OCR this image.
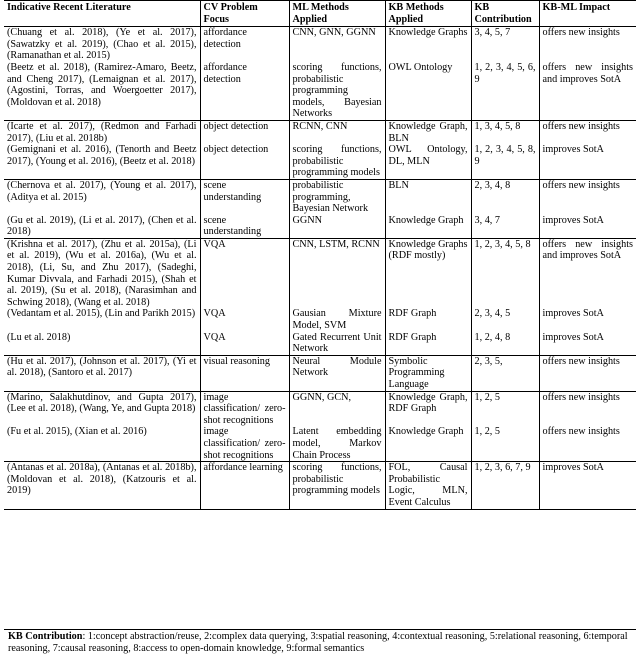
Indicative Recent Literature	CV Problem Focus	ML Methods Applied	KB Methods Applied	KB Contribution	KB-ML Impact
(Chuang et al. 2018), (Ye et al. 2017), (Sawatzky et al. 2019), (Chao et al. 2015), (Ramanathan et al. 2015)	affordance detection	CNN, GNN, GGNN	Knowledge Graphs	3, 4, 5, 7	offers new insights
(Beetz et al. 2018), (Ramirez-Amaro, Beetz, and Cheng 2017), (Lemaignan et al. 2017), (Agostini, Torras, and Woergoetter 2017), (Moldovan et al. 2018)	affordance detection	scoring functions, probabilistic programming models, Bayesian Networks	OWL Ontology	1, 2, 3, 4, 5, 6, 9	offers new insights and improves SotA
(Icarte et al. 2017), (Redmon and Farhadi 2017), (Liu et al. 2018b)	object detection	RCNN, CNN	Knowledge Graph, BLN	1, 3, 4, 5, 8	offers new insights
(Gemignani et al. 2016), (Tenorth and Beetz 2017), (Young et al. 2016), (Beetz et al. 2018)	object detection	scoring functions, probabilistic programming models	OWL Ontology, DL, MLN	1, 2, 3, 4, 5, 8, 9	improves SotA
(Chernova et al. 2017), (Young et al. 2017), (Aditya et al. 2015)	scene understanding	probabilistic programming, Bayesian Network	BLN	2, 3, 4, 8	offers new insights
(Gu et al. 2019), (Li et al. 2017), (Chen et al. 2018)	scene understanding	GGNN	Knowledge Graph	3, 4, 7	improves SotA
(Krishna et al. 2017), (Zhu et al. 2015a), (Li et al. 2019), (Wu et al. 2016a), (Wu et al. 2018), (Li, Su, and Zhu 2017), (Sadeghi, Kumar Divvala, and Farhadi 2015), (Shah et al. 2019), (Su et al. 2018), (Narasimhan and Schwing 2018), (Wang et al. 2018)	VQA	CNN, LSTM, RCNN	Knowledge Graphs (RDF mostly)	1, 2, 3, 4, 5, 8	offers new insights and improves SotA
(Vedantam et al. 2015), (Lin and Parikh 2015)	VQA	Gausian Mixture Model, SVM	RDF Graph	2, 3, 4, 5	improves SotA
(Lu et al. 2018)	VQA	Gated Recurrent Unit Network	RDF Graph	1, 2, 4, 8	improves SotA
(Hu et al. 2017), (Johnson et al. 2017), (Yi et al. 2018), (Santoro et al. 2017)	visual reasoning	Neural Module Network	Symbolic Programming Language	2, 3, 5,	offers new insights
(Marino, Salakhutdinov, and Gupta 2017), (Lee et al. 2018), (Wang, Ye, and Gupta 2018)	image classification/ zero-shot recognitions	GGNN, GCN,	Knowledge Graph, RDF Graph	1, 2, 5	offers new insights
(Fu et al. 2015), (Xian et al. 2016)	image classification/ zero-shot recognitions	Latent embedding model, Markov Chain Process	Knowledge Graph	1, 2, 5	offers new insights
(Antanas et al. 2018a), (Antanas et al. 2018b), (Moldovan et al. 2018), (Katzouris et al. 2019)	affordance learning	scoring functions, probabilistic programming models	FOL, Causal Probabilistic Logic, MLN, Event Calculus	1, 2, 3, 6, 7, 9	improves SotA
KB Contribution: 1:concept abstraction/reuse, 2:complex data querying, 3:spatial reasoning, 4:contextual reasoning, 5:relational reasoning, 6:temporal reasoning, 7:causal reasoning, 8:access to open-domain knowledge, 9:formal semantics
